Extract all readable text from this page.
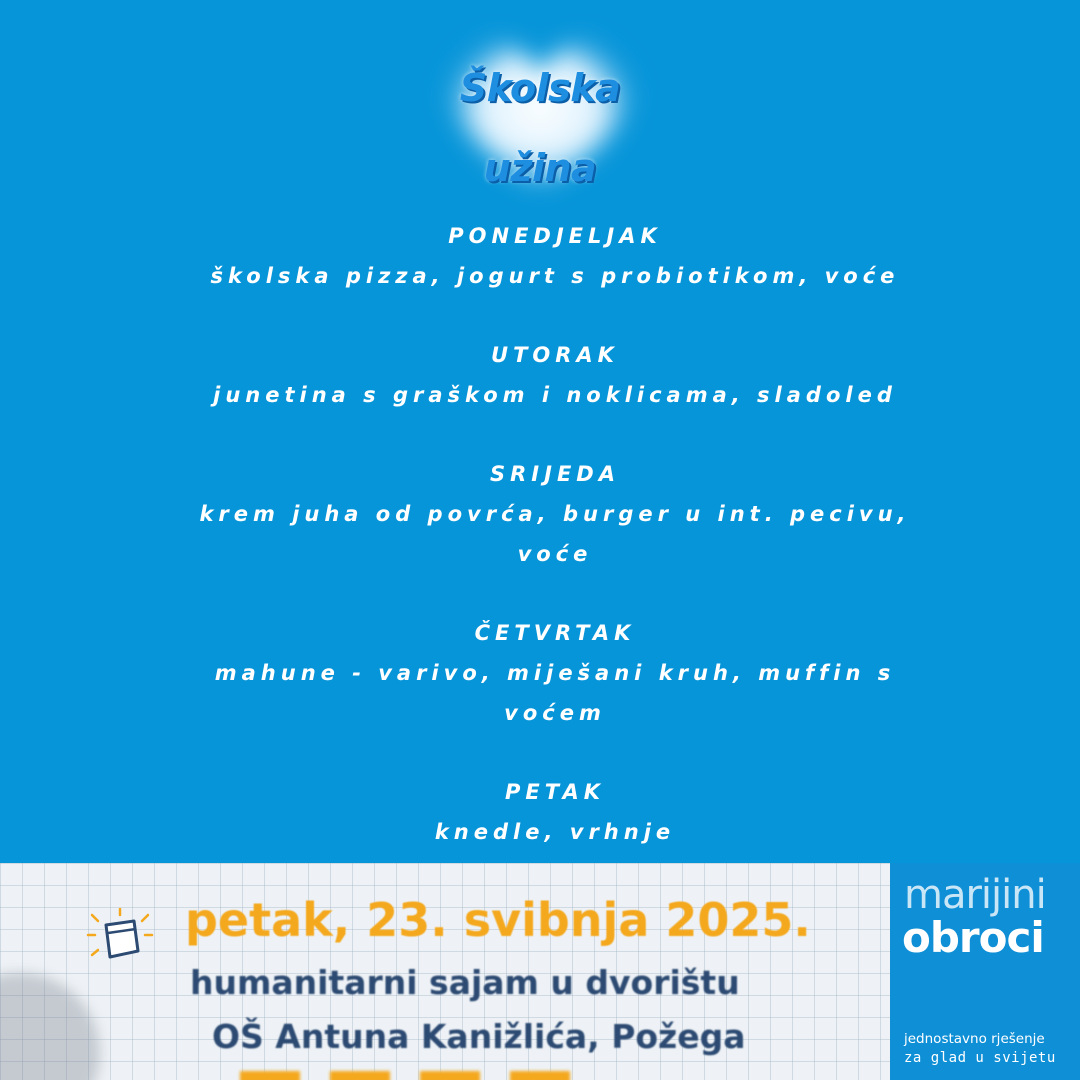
Školska
užina

PONEDJELJAK

školska pizza, jogurt s probiotikom, voće

UTORAK

junetina s graškom i noklicama, sladoled

SRIJEDA

krem juha od povrća, burger u int. pecivu,

voće

ČETVRTAK

mahune - varivo, miješani kruh, muffin s

voćem

PETAK

knedle, vrhnje

petak, 23. svibnja 2025.
humanitarni sajam u dvorištu
OŠ Antuna Kanižlića, Požega
marijini
obroci
jednostavno rješenje
za glad u svijetu
